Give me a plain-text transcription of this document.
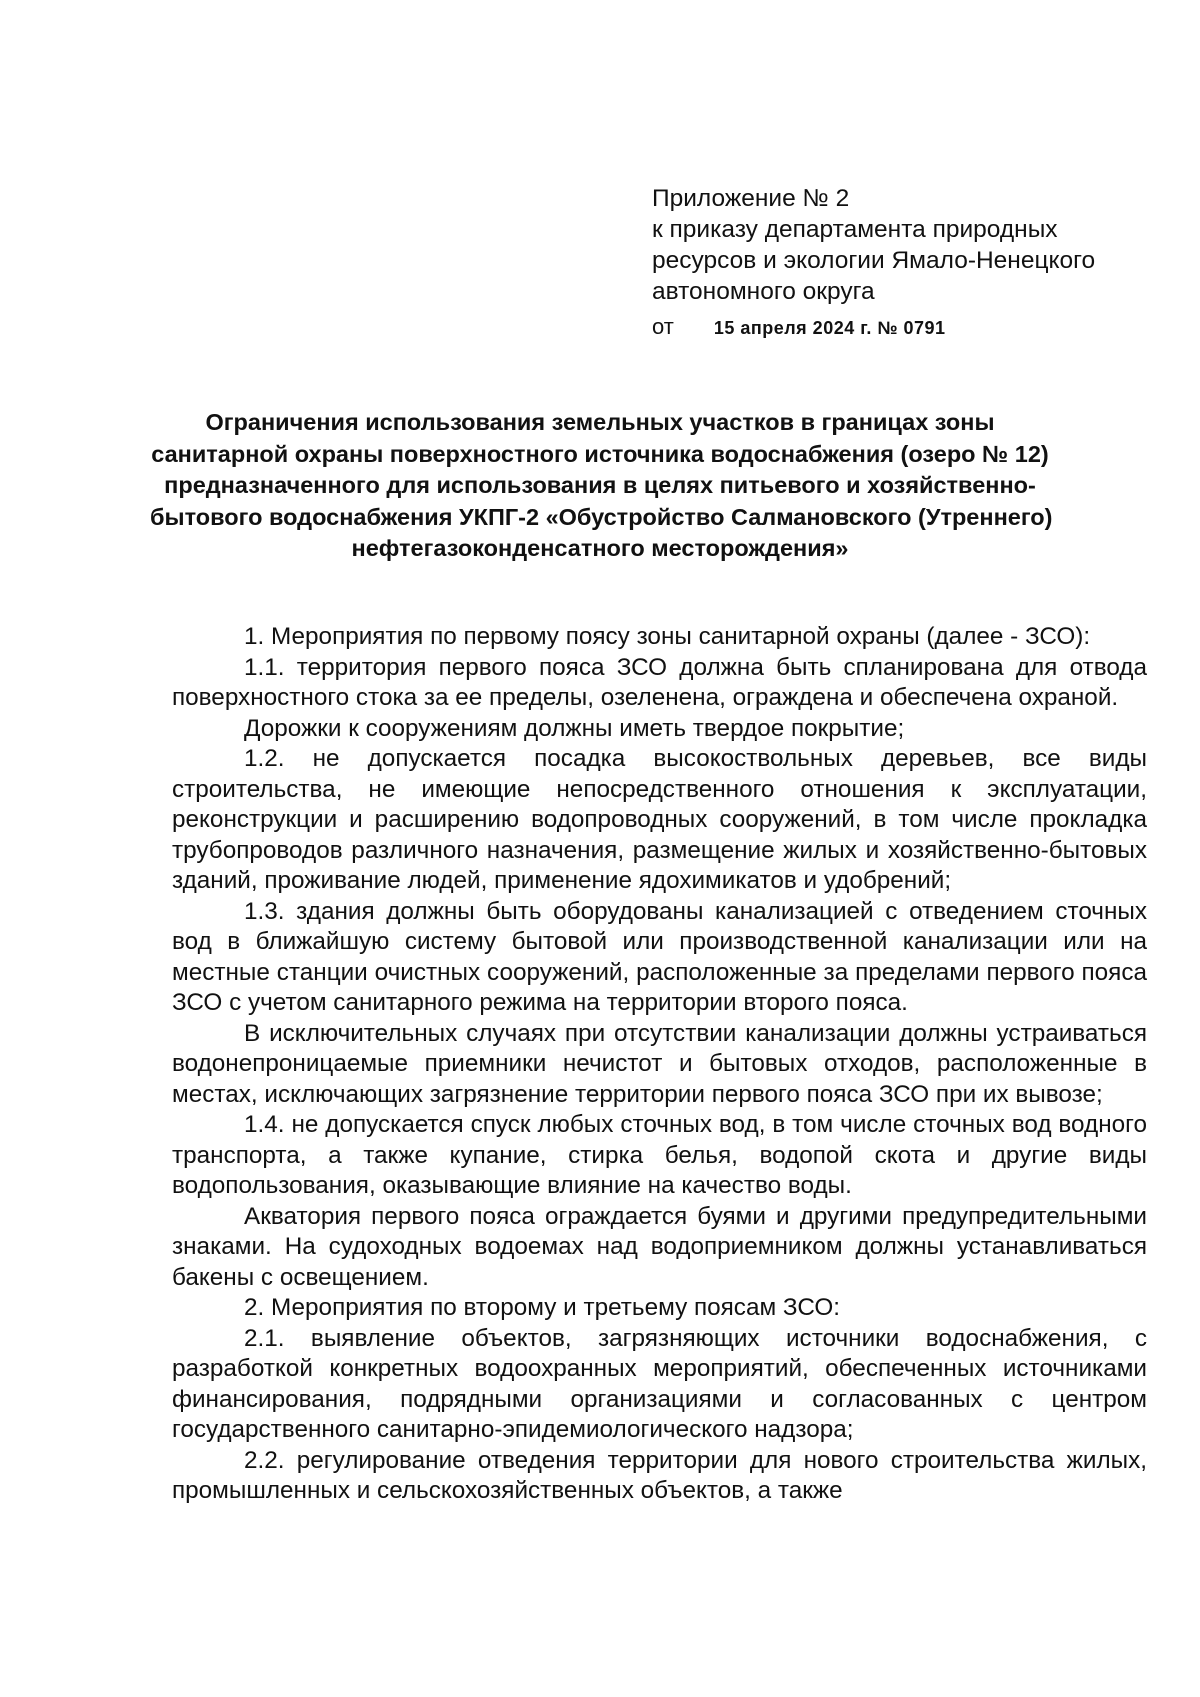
Приложение № 2
к приказу департамента природных
ресурсов и экологии Ямало-Ненецкого
автономного округа
от 15 апреля 2024 г. № 0791
Ограничения использования земельных участков в границах зоны
санитарной охраны поверхностного источника водоснабжения (озеро № 12)
предназначенного для использования в целях питьевого и хозяйственно-
бытового водоснабжения УКПГ-2 «Обустройство Салмановского (Утреннего)
нефтегазоконденсатного месторождения»

1. Мероприятия по первому поясу зоны санитарной охраны (далее - ЗСО):

1.1. территория первого пояса ЗСО должна быть спланирована для отвода поверхностного стока за ее пределы, озеленена, ограждена и обеспечена охраной.

Дорожки к сооружениям должны иметь твердое покрытие;

1.2. не допускается посадка высокоствольных деревьев, все виды строительства, не имеющие непосредственного отношения к эксплуатации, реконструкции и расширению водопроводных сооружений, в том числе прокладка трубопроводов различного назначения, размещение жилых и хозяйственно-бытовых зданий, проживание людей, применение ядохимикатов и удобрений;

1.3. здания должны быть оборудованы канализацией с отведением сточных вод в ближайшую систему бытовой или производственной канализации или на местные станции очистных сооружений, расположенные за пределами первого пояса ЗСО с учетом санитарного режима на территории второго пояса.

В исключительных случаях при отсутствии канализации должны устраиваться водонепроницаемые приемники нечистот и бытовых отходов, расположенные в местах, исключающих загрязнение территории первого пояса ЗСО при их вывозе;

1.4. не допускается спуск любых сточных вод, в том числе сточных вод водного транспорта, а также купание, стирка белья, водопой скота и другие виды водопользования, оказывающие влияние на качество воды.

Акватория первого пояса ограждается буями и другими предупредительными знаками. На судоходных водоемах над водоприемником должны устанавливаться бакены с освещением.

2. Мероприятия по второму и третьему поясам ЗСО:

2.1. выявление объектов, загрязняющих источники водоснабжения, с разработкой конкретных водоохранных мероприятий, обеспеченных источниками финансирования, подрядными организациями и согласованных с центром государственного санитарно-эпидемиологического надзора;

2.2. регулирование отведения территории для нового строительства жилых, промышленных и сельскохозяйственных объектов, а также
